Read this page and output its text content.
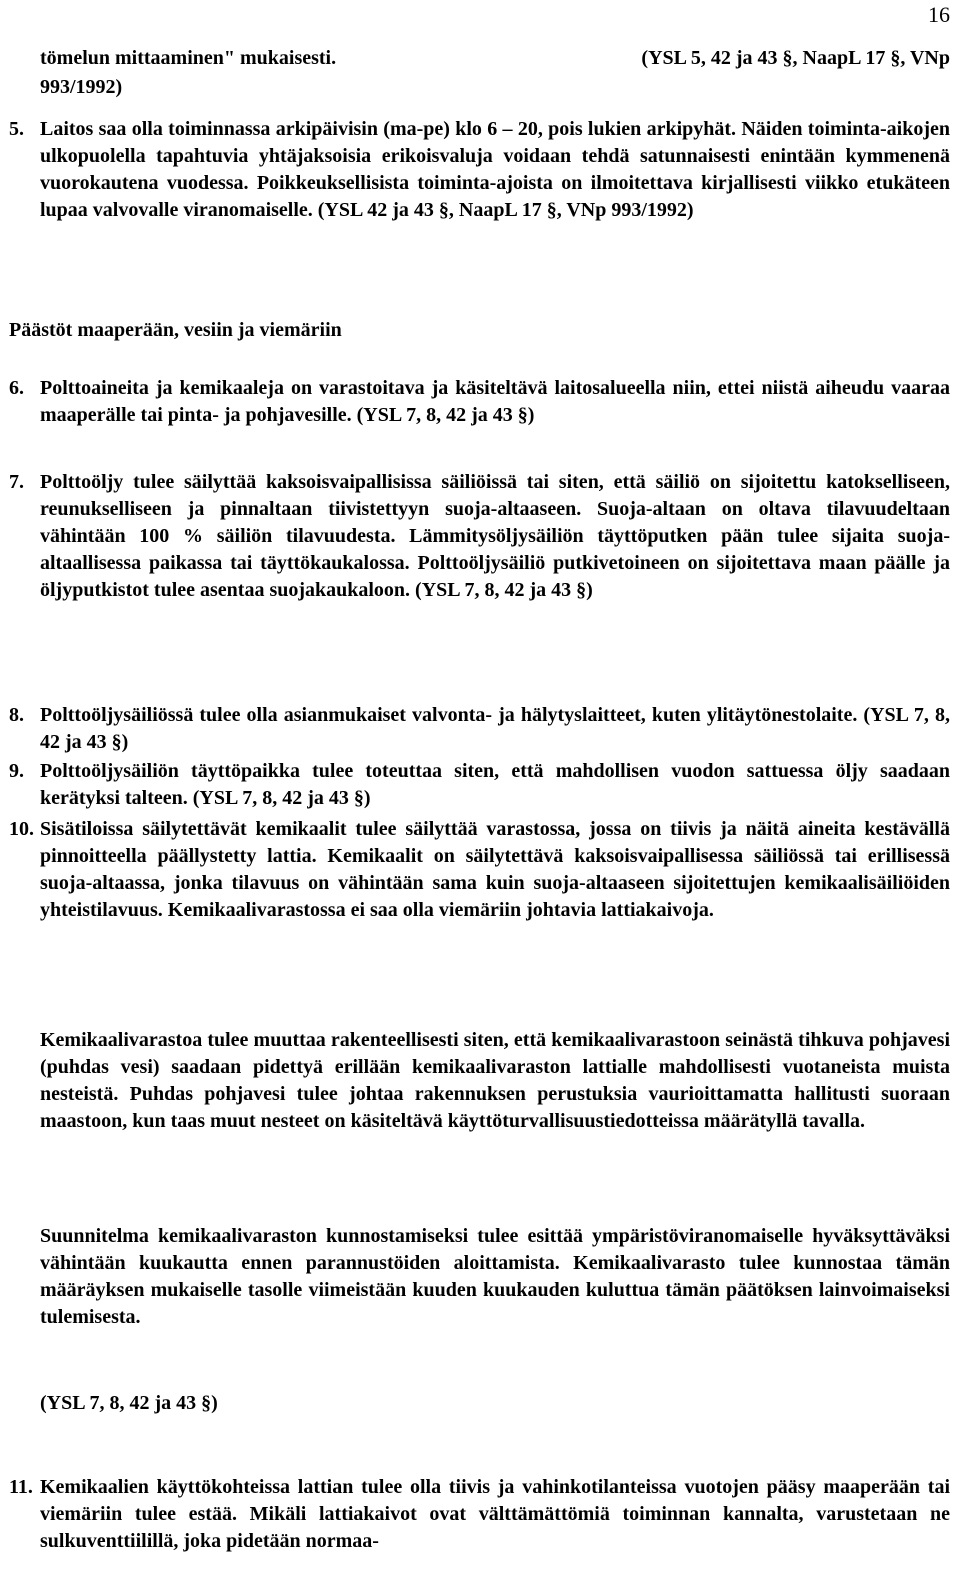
16
tömelun mittaaminen" mukaisesti.	(YSL 5, 42 ja 43 §, NaapL 17 §, VNp
993/1992)
5. Laitos saa olla toiminnassa arkipäivisin (ma-pe) klo 6 – 20, pois lukien arkipyhät. Näiden toiminta-aikojen ulkopuolella tapahtuvia yhtäjaksoisia erikoisvaluja voidaan tehdä satunnaisesti enintään kymmenenä vuorokautena vuodessa. Poikkeuksellisista toiminta-ajoista on ilmoitettava kirjallisesti viikko etukäteen lupaa valvovalle viranomaiselle. (YSL 42 ja 43 §, NaapL 17 §, VNp 993/1992)
Päästöt maaperään, vesiin ja viemäriin
6. Polttoaineita ja kemikaaleja on varastoitava ja käsiteltävä laitosalueella niin, ettei niistä aiheudu vaaraa maaperälle tai pinta- ja pohjavesille. (YSL 7, 8, 42 ja 43 §)
7. Polttoöljy tulee säilyttää kaksoisvaipallisissa säiliöissä tai siten, että säiliö on sijoitettu katokselliseen, reunukselliseen ja pinnaltaan tiivistettyyn suoja-altaaseen. Suoja-altaan on oltava tilavuudeltaan vähintään 100 % säiliön tilavuudesta. Lämmitysöljysäiliön täyttöputken pään tulee sijaita suoja-altaallisessa paikassa tai täyttökaukalossa. Polttoöljysäiliö putkivetoineen on sijoitettava maan päälle ja öljyputkistot tulee asentaa suojakaukaloon. (YSL 7, 8, 42 ja 43 §)
8. Polttoöljysäiliössä tulee olla asianmukaiset valvonta- ja hälytyslaitteet, kuten ylitäytönestolaite. (YSL 7, 8, 42 ja 43 §)
9. Polttoöljysäiliön täyttöpaikka tulee toteuttaa siten, että mahdollisen vuodon sattuessa öljy saadaan kerätyksi talteen. (YSL 7, 8, 42 ja 43 §)
10. Sisätiloissa säilytettävät kemikaalit tulee säilyttää varastossa, jossa on tiivis ja näitä aineita kestävällä pinnoitteella päällystetty lattia. Kemikaalit on säilytettävä kaksoisvaipallisessa säiliössä tai erillisessä suoja-altaassa, jonka tilavuus on vähintään sama kuin suoja-altaaseen sijoitettujen kemikaalisäiliöiden yhteistilavuus. Kemikaalivarastossa ei saa olla viemäriin johtavia lattiakaivoja.
Kemikaalivarastoa tulee muuttaa rakenteellisesti siten, että kemikaalivarastoon seinästä tihkuva pohjavesi (puhdas vesi) saadaan pidettyä erillään kemikaalivaraston lattialle mahdollisesti vuotaneista muista nesteistä. Puhdas pohjavesi tulee johtaa rakennuksen perustuksia vaurioittamatta hallitusti suoraan maastoon, kun taas muut nesteet on käsiteltävä käyttöturvallisuustiedotteissa määrätyllä tavalla.
Suunnitelma kemikaalivaraston kunnostamiseksi tulee esittää ympäristöviranomaiselle hyväksyttäväksi vähintään kuukautta ennen parannustöiden aloittamista. Kemikaalivarasto tulee kunnostaa tämän määräyksen mukaiselle tasolle viimeistään kuuden kuukauden kuluttua tämän päätöksen lainvoimaiseksi tulemisesta.
(YSL 7, 8, 42 ja 43 §)
11. Kemikaalien käyttökohteissa lattian tulee olla tiivis ja vahinkotilanteissa vuotojen pääsy maaperään tai viemäriin tulee estää. Mikäli lattiakaivot ovat välttämättömiä toiminnan kannalta, varustetaan ne sulkuventtiilillä, joka pidetään normaa-
